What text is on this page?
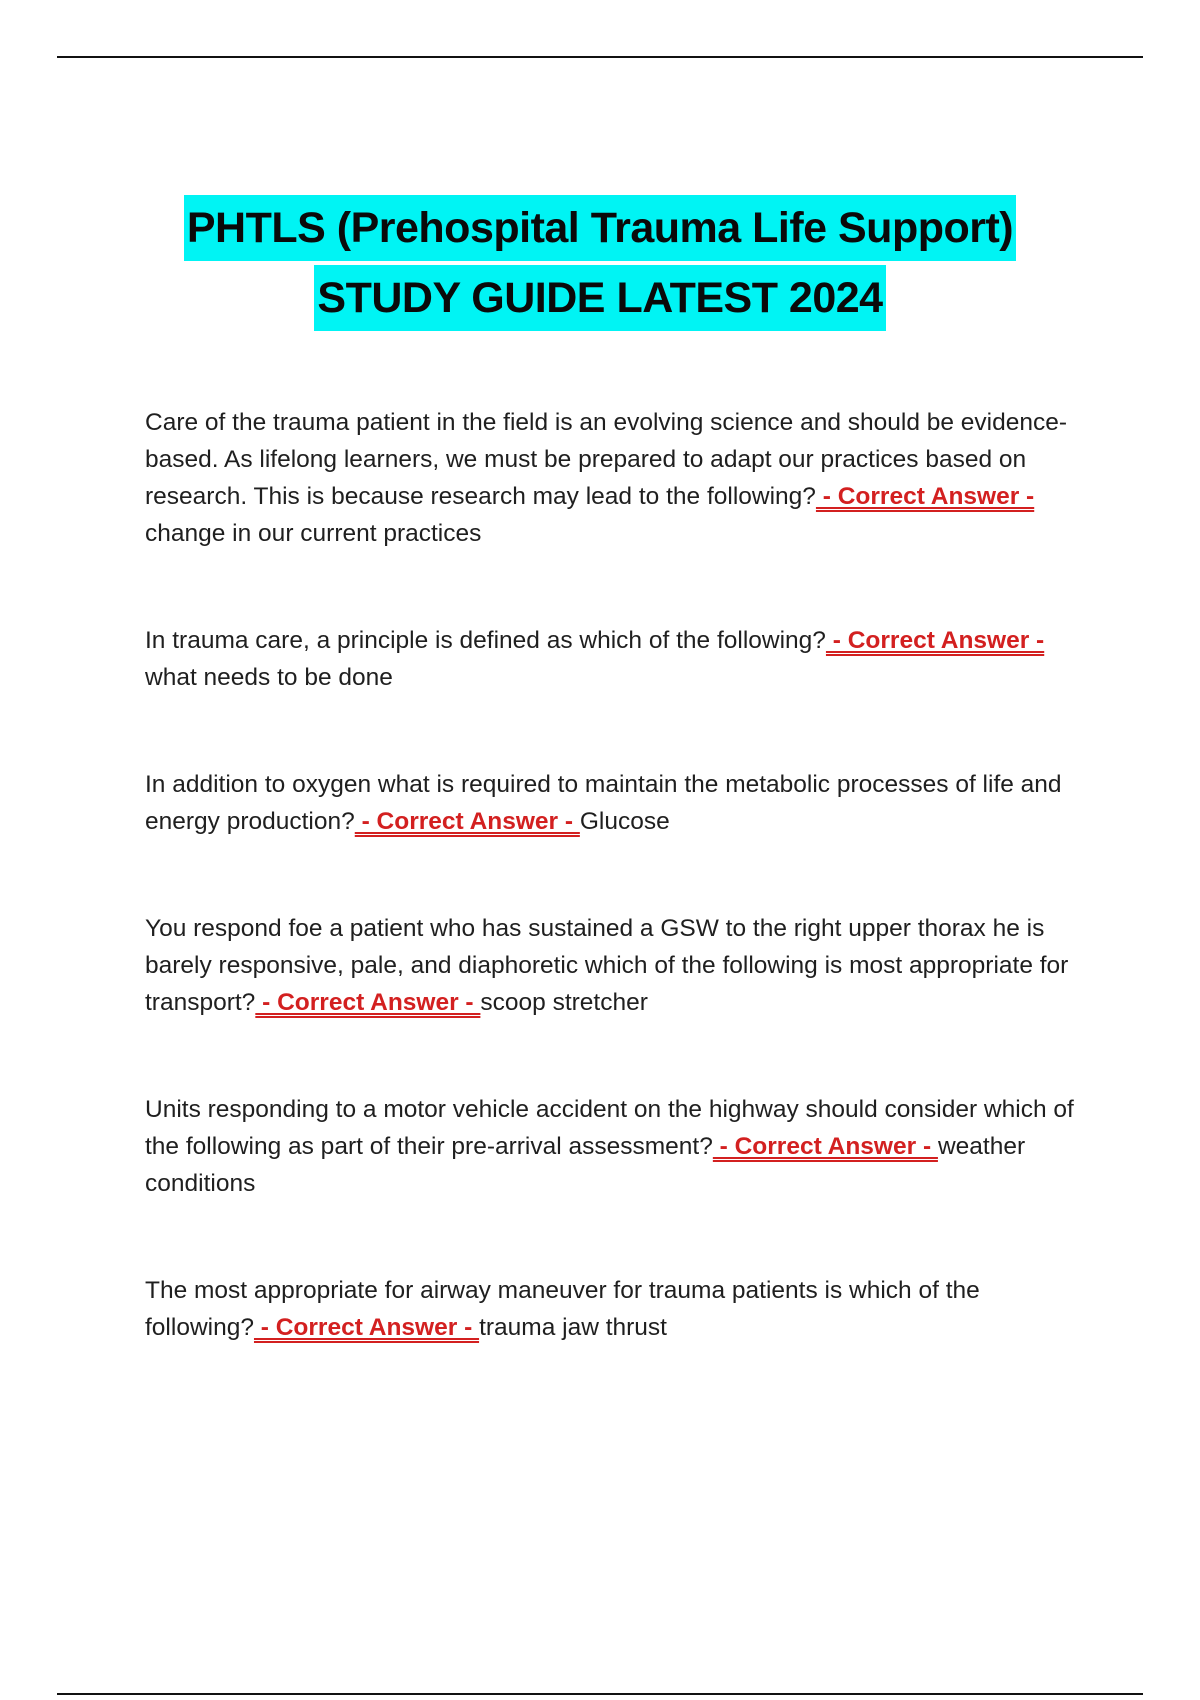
PHTLS (Prehospital Trauma Life Support)
STUDY GUIDE LATEST 2024

Care of the trauma patient in the field is an evolving science and should be evidence-based. As lifelong learners, we must be prepared to adapt our practices based on research. This is because research may lead to the following? - Correct Answer - change in our current practices

In trauma care, a principle is defined as which of the following? - Correct Answer - what needs to be done

In addition to oxygen what is required to maintain the metabolic processes of life and energy production? - Correct Answer - Glucose

You respond foe a patient who has sustained a GSW to the right upper thorax he is barely responsive, pale, and diaphoretic which of the following is most appropriate for transport? - Correct Answer - scoop stretcher

Units responding to a motor vehicle accident on the highway should consider which of the following as part of their pre-arrival assessment? - Correct Answer - weather conditions

The most appropriate for airway maneuver for trauma patients is which of the following? - Correct Answer - trauma jaw thrust
